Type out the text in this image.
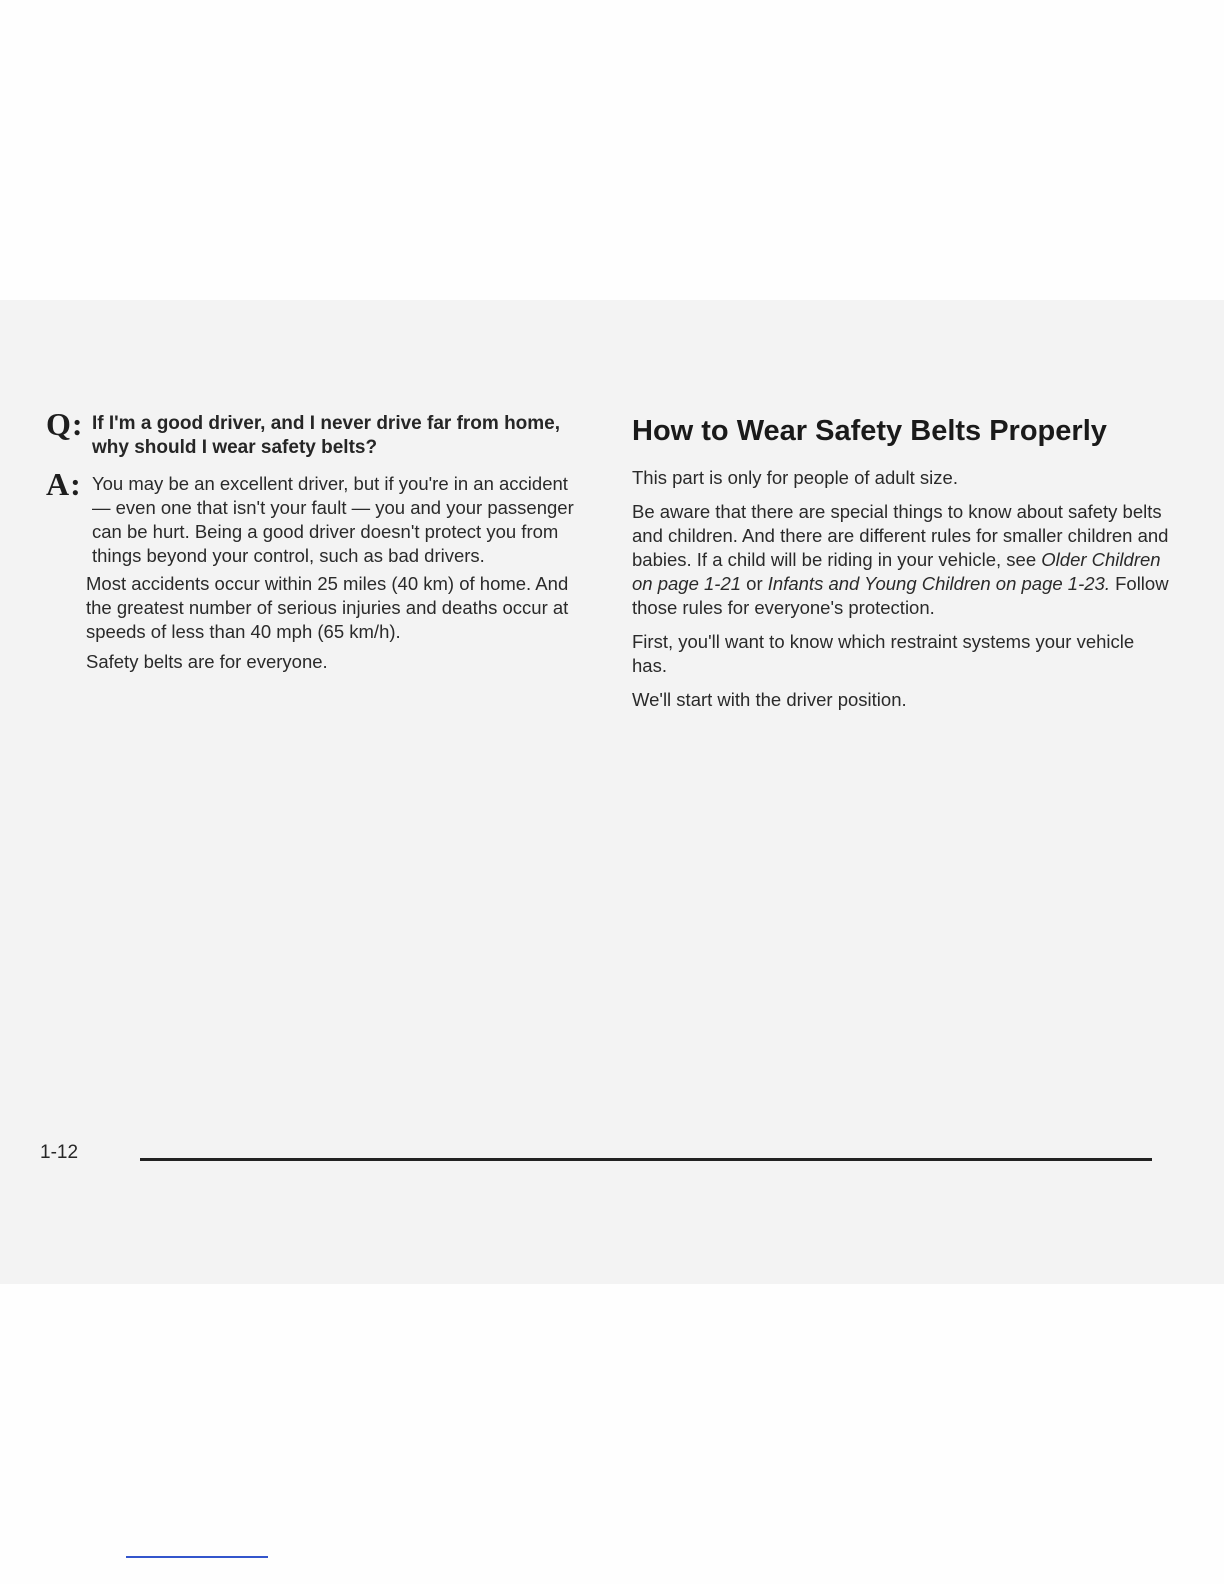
Q: If I'm a good driver, and I never drive far from home, why should I wear safety belts?

A: You may be an excellent driver, but if you're in an accident — even one that isn't your fault — you and your passenger can be hurt. Being a good driver doesn't protect you from things beyond your control, such as bad drivers.

Most accidents occur within 25 miles (40 km) of home. And the greatest number of serious injuries and deaths occur at speeds of less than 40 mph (65 km/h).

Safety belts are for everyone.

How to Wear Safety Belts Properly

This part is only for people of adult size.

Be aware that there are special things to know about safety belts and children. And there are different rules for smaller children and babies. If a child will be riding in your vehicle, see Older Children on page 1-21 or Infants and Young Children on page 1-23. Follow those rules for everyone's protection.

First, you'll want to know which restraint systems your vehicle has.

We'll start with the driver position.

1-12
